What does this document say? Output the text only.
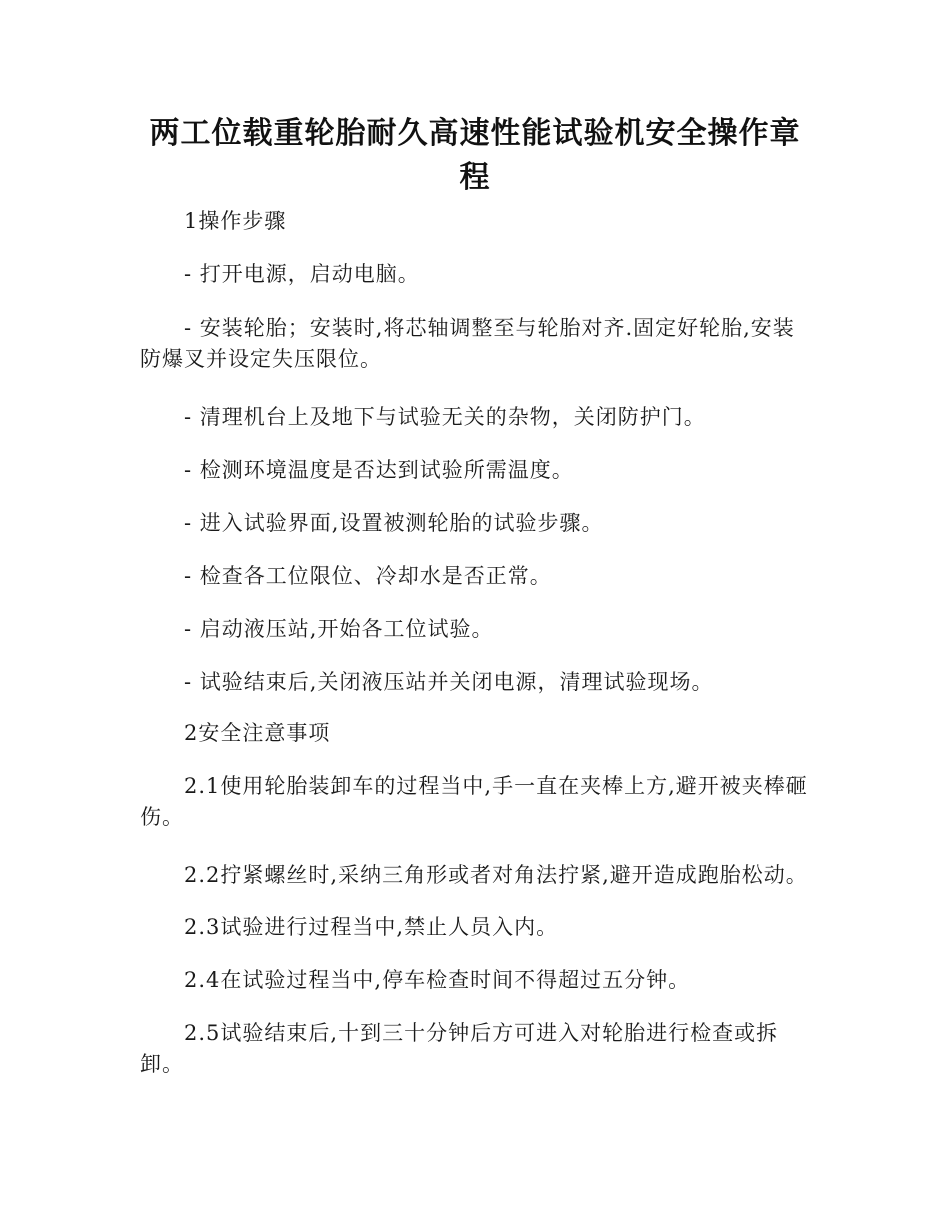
两工位载重轮胎耐久高速性能试验机安全操作章程

1操作步骤

- 打开电源，启动电脑。

- 安装轮胎；安装时,将芯轴调整至与轮胎对齐.固定好轮胎,安装防爆叉并设定失压限位。

- 清理机台上及地下与试验无关的杂物，关闭防护门。

- 检测环境温度是否达到试验所需温度。

- 进入试验界面,设置被测轮胎的试验步骤。

- 检查各工位限位、冷却水是否正常。

- 启动液压站,开始各工位试验。

- 试验结束后,关闭液压站并关闭电源，清理试验现场。

2安全注意事项

2.1使用轮胎装卸车的过程当中,手一直在夹棒上方,避开被夹棒砸伤。

2.2拧紧螺丝时,采纳三角形或者对角法拧紧,避开造成跑胎松动。

2.3试验进行过程当中,禁止人员入内。

2.4在试验过程当中,停车检查时间不得超过五分钟。

2.5试验结束后,十到三十分钟后方可进入对轮胎进行检查或拆卸。
